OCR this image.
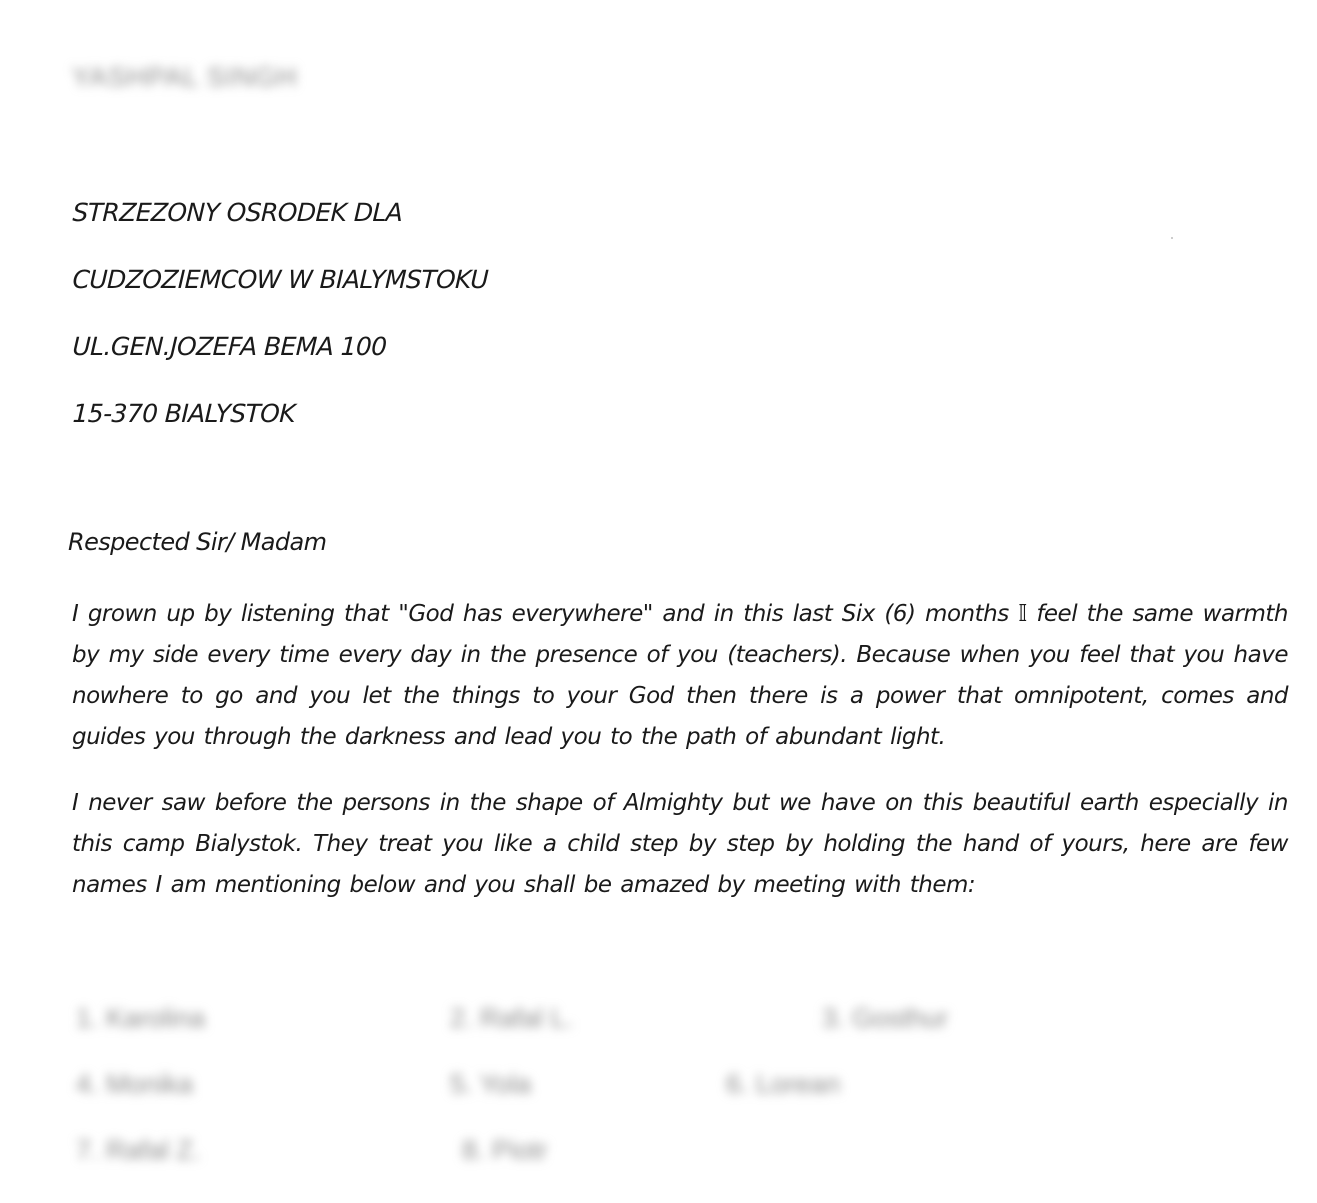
YASHPAL SINGH
STRZEZONY OSRODEK DLA
CUDZOZIEMCOW W BIALYMSTOKU
UL.GEN.JOZEFA BEMA 100
15-370 BIALYSTOK
Respected Sir/ Madam

I grown up by listening that "God has everywhere" and in this last Six (6) months 𝕀 feel the same warmth by my side every time every day in the presence of you (teachers). Because when you feel that you have nowhere to go and you let the things to your God then there is a power that omnipotent, comes and guides you through the darkness and lead you to the path of abundant light.

I never saw before the persons in the shape of Almighty but we have on this beautiful earth especially in this camp Bialystok. They treat you like a child step by step by holding the hand of yours, here are few names I am mentioning below and you shall be amazed by meeting with them:

1. Karolina	2. Rafal L.	3. Gosthur
4. Monika	5. Yola	6. Lorean
7. Rafal Z.	8. Piotr
